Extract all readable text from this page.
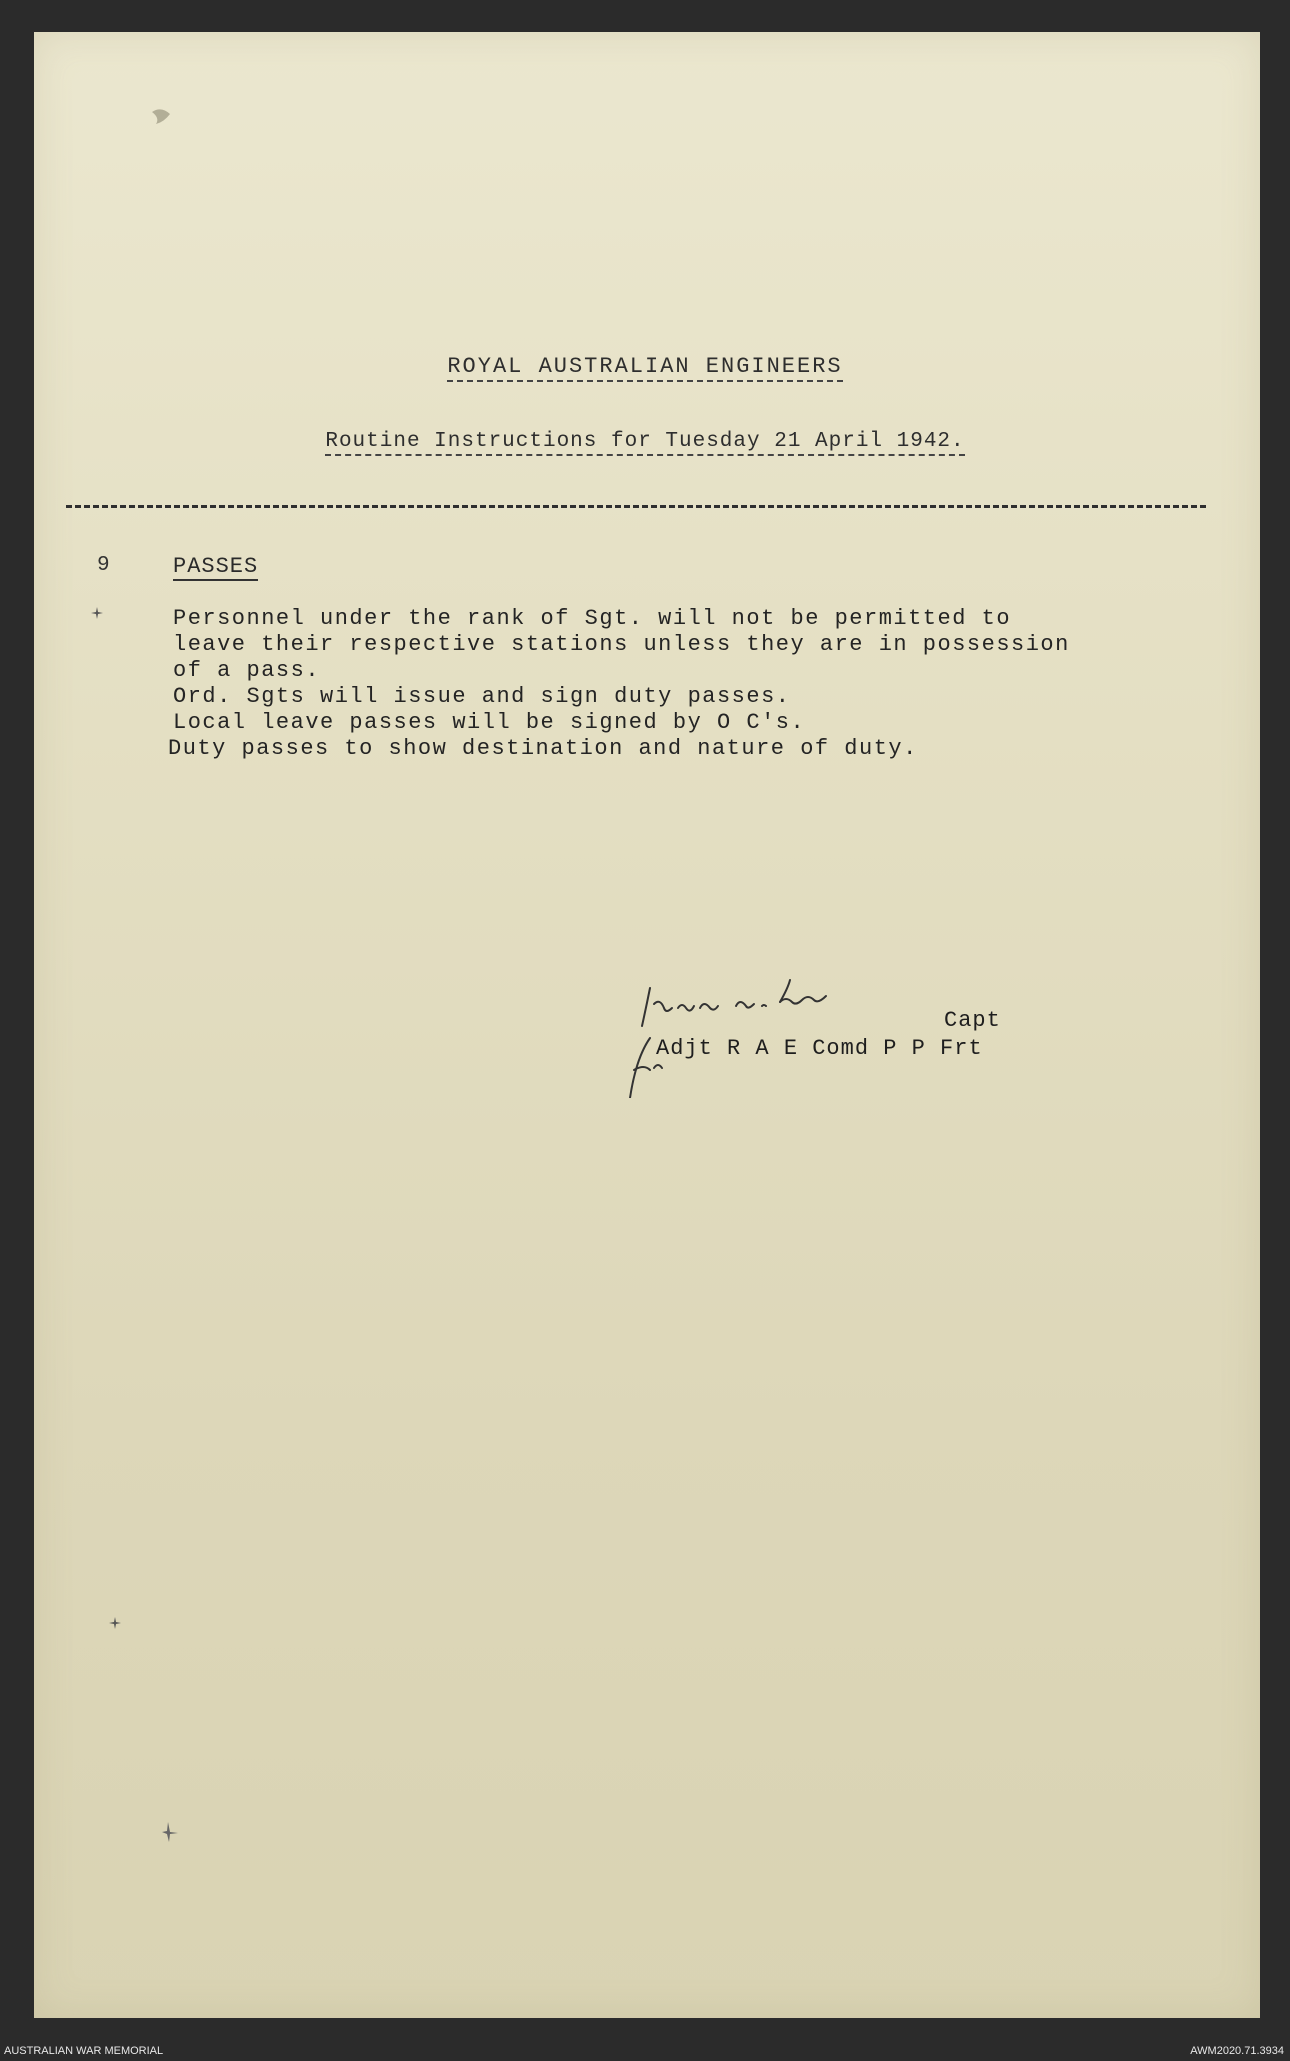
ROYAL AUSTRALIAN ENGINEERS
Routine Instructions for Tuesday 21 April 1942.
9	PASSES
Personnel under the rank of Sgt. will not be permitted to
leave their respective stations unless they are in possession
of a pass.
Ord. Sgts will issue and sign duty passes.
Local leave passes will be signed by O C's.
Duty passes to show destination and nature of duty.
Capt
Adjt R A E Comd P P Frt
AUSTRALIAN WAR MEMORIAL	AWM2020.71.3934
